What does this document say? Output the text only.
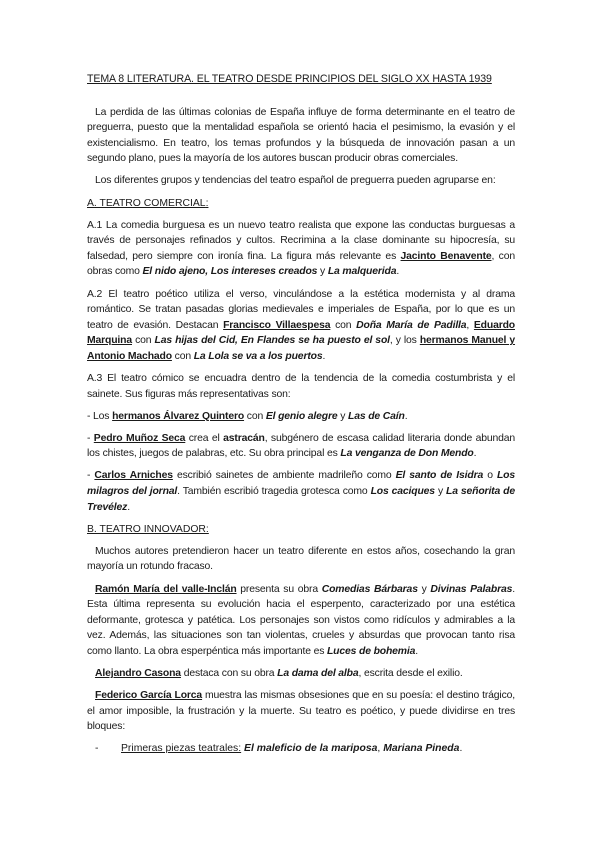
TEMA 8 LITERATURA. EL TEATRO DESDE PRINCIPIOS DEL SIGLO XX HASTA 1939

La perdida de las últimas colonias de España influye de forma determinante en el teatro de preguerra, puesto que la mentalidad española se orientó hacia el pesimismo, la evasión y el existencialismo. En teatro, los temas profundos y la búsqueda de innovación pasan a un segundo plano, pues la mayoría de los autores buscan producir obras comerciales.

Los diferentes grupos y tendencias del teatro español de preguerra pueden agruparse en:

A. TEATRO COMERCIAL:

A.1 La comedia burguesa es un nuevo teatro realista que expone las conductas burguesas a través de personajes refinados y cultos. Recrimina a la clase dominante su hipocresía, su falsedad, pero siempre con ironía fina. La figura más relevante es Jacinto Benavente, con obras como El nido ajeno, Los intereses creados y La malquerida.

A.2 El teatro poético utiliza el verso, vinculándose a la estética modernista y al drama romántico. Se tratan pasadas glorias medievales e imperiales de España, por lo que es un teatro de evasión. Destacan Francisco Villaespesa con Doña María de Padilla, Eduardo Marquina con Las hijas del Cid, En Flandes se ha puesto el sol, y los hermanos Manuel y Antonio Machado con La Lola se va a los puertos.

A.3 El teatro cómico se encuadra dentro de la tendencia de la comedia costumbrista y el sainete. Sus figuras más representativas son:

- Los hermanos Álvarez Quintero con El genio alegre y Las de Caín.

- Pedro Muñoz Seca crea el astracán, subgénero de escasa calidad literaria donde abundan los chistes, juegos de palabras, etc. Su obra principal es La venganza de Don Mendo.

- Carlos Arniches escribió sainetes de ambiente madrileño como El santo de Isidra o Los milagros del jornal. También escribió tragedia grotesca como Los caciques y La señorita de Trevélez.

B. TEATRO INNOVADOR:

Muchos autores pretendieron hacer un teatro diferente en estos años, cosechando la gran mayoría un rotundo fracaso.

Ramón María del valle-Inclán presenta su obra Comedias Bárbaras y Divinas Palabras. Esta última representa su evolución hacia el esperpento, caracterizado por una estética deformante, grotesca y patética. Los personajes son vistos como ridículos y admirables a la vez. Además, las situaciones son tan violentas, crueles y absurdas que provocan tanto risa como llanto. La obra esperpéntica más importante es Luces de bohemia.

Alejandro Casona destaca con su obra La dama del alba, escrita desde el exilio.

Federico García Lorca muestra las mismas obsesiones que en su poesía: el destino trágico, el amor imposible, la frustración y la muerte. Su teatro es poético, y puede dividirse en tres bloques:

-	Primeras piezas teatrales: El maleficio de la mariposa, Mariana Pineda.
